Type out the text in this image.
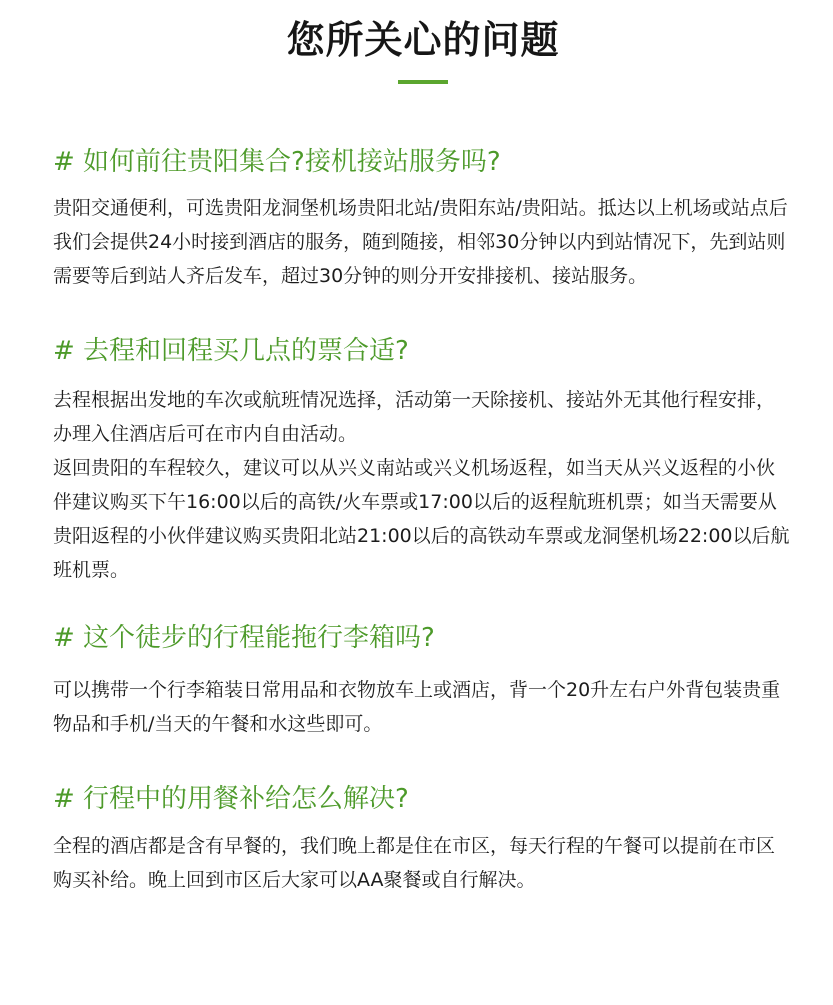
您所关心的问题
# 如何前往贵阳集合?接机接站服务吗?

贵阳交通便利，可选贵阳龙洞堡机场贵阳北站/贵阳东站/贵阳站。抵达以上机场或站点后我们会提供24小时接到酒店的服务，随到随接，相邻30分钟以内到站情况下，先到站则需要等后到站人齐后发车，超过30分钟的则分开安排接机、接站服务。

# 去程和回程买几点的票合适?

去程根据出发地的车次或航班情况选择，活动第一天除接机、接站外无其他行程安排，办理入住酒店后可在市内自由活动。

返回贵阳的车程较久，建议可以从兴义南站或兴义机场返程，如当天从兴义返程的小伙伴建议购买下午16:00以后的高铁/火车票或17:00以后的返程航班机票；如当天需要从贵阳返程的小伙伴建议购买贵阳北站21:00以后的高铁动车票或龙洞堡机场22:00以后航班机票。

# 这个徒步的行程能拖行李箱吗?

可以携带一个行李箱装日常用品和衣物放车上或酒店，背一个20升左右户外背包装贵重物品和手机/当天的午餐和水这些即可。

# 行程中的用餐补给怎么解决?

全程的酒店都是含有早餐的，我们晚上都是住在市区，每天行程的午餐可以提前在市区购买补给。晚上回到市区后大家可以AA聚餐或自行解决。
